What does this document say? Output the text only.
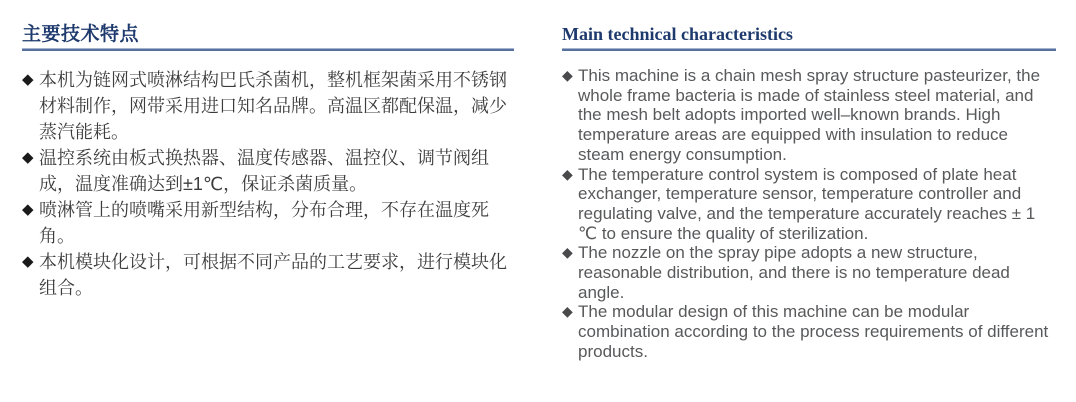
主要技术特点
◆ 本机为链网式喷淋结构巴氏杀菌机，整机框架菌采用不锈钢材料制作，网带采用进口知名品牌。高温区都配保温，减少蒸汽能耗。
◆ 温控系统由板式换热器、温度传感器、温控仪、调节阀组成，温度准确达到±1℃，保证杀菌质量。
◆ 喷淋管上的喷嘴采用新型结构，分布合理，不存在温度死角。
◆ 本机模块化设计，可根据不同产品的工艺要求，进行模块化组合。
Main technical characteristics
◆ This machine is a chain mesh spray structure pasteurizer, the whole frame bacteria is made of stainless steel material, and the mesh belt adopts imported well–known brands. High temperature areas are equipped with insulation to reduce steam energy consumption.
◆ The temperature control system is composed of plate heat exchanger, temperature sensor, temperature controller and regulating valve, and the temperature accurately reaches ± 1 ℃ to ensure the quality of sterilization.
◆ The nozzle on the spray pipe adopts a new structure, reasonable distribution, and there is no temperature dead angle.
◆ The modular design of this machine can be modular combination according to the process requirements of different products.
